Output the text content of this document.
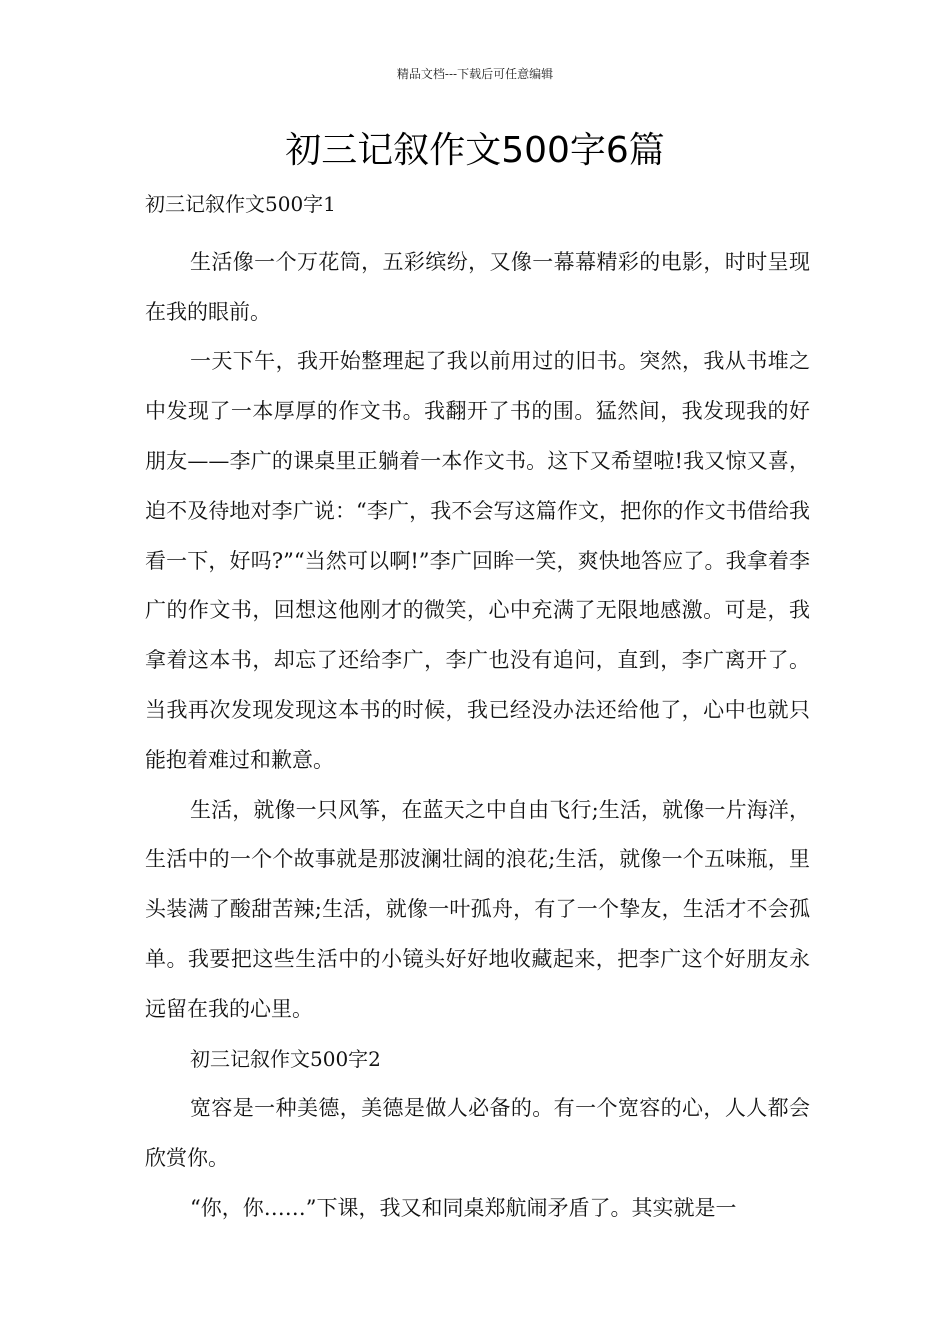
精品文档---下载后可任意编辑
初三记叙作文500字6篇

初三记叙作文500字1

生活像一个万花筒，五彩缤纷，又像一幕幕精彩的电影，时时呈现在我的眼前。

一天下午，我开始整理起了我以前用过的旧书。突然，我从书堆之中发现了一本厚厚的作文书。我翻开了书的围。猛然间，我发现我的好朋友——李广的课桌里正躺着一本作文书。这下又希望啦!我又惊又喜，迫不及待地对李广说：“李广，我不会写这篇作文，把你的作文书借给我看一下，好吗?”“当然可以啊!”李广回眸一笑，爽快地答应了。我拿着李广的作文书，回想这他刚才的微笑，心中充满了无限地感激。可是，我拿着这本书，却忘了还给李广，李广也没有追问，直到，李广离开了。当我再次发现发现这本书的时候，我已经没办法还给他了，心中也就只能抱着难过和歉意。

生活，就像一只风筝，在蓝天之中自由飞行;生活，就像一片海洋，生活中的一个个故事就是那波澜壮阔的浪花;生活，就像一个五味瓶，里头装满了酸甜苦辣;生活，就像一叶孤舟，有了一个挚友，生活才不会孤单。我要把这些生活中的小镜头好好地收藏起来，把李广这个好朋友永远留在我的心里。

初三记叙作文500字2

宽容是一种美德，美德是做人必备的。有一个宽容的心，人人都会欣赏你。

“你，你……”下课，我又和同桌郑航闹矛盾了。其实就是一
